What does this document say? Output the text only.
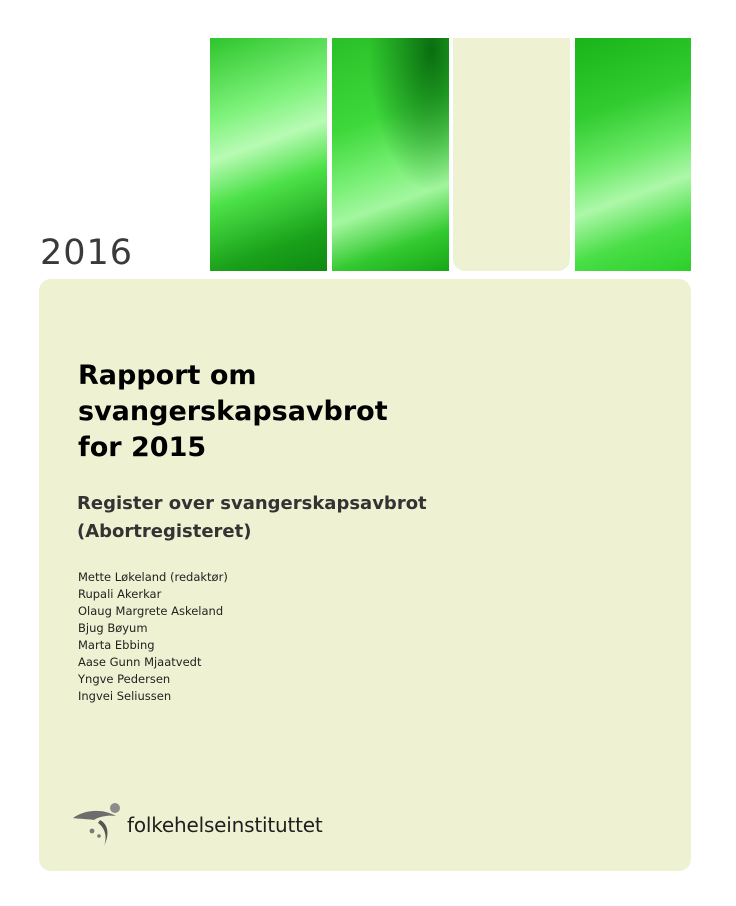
2016
Rapport om
svangerskapsavbrot
for 2015
Register over svangerskapsavbrot
(Abortregisteret)
Mette Løkeland (redaktør)
Rupali Akerkar
Olaug Margrete Askeland
Bjug Bøyum
Marta Ebbing
Aase Gunn Mjaatvedt
Yngve Pedersen
Ingvei Seliussen
folkehelseinstituttet
